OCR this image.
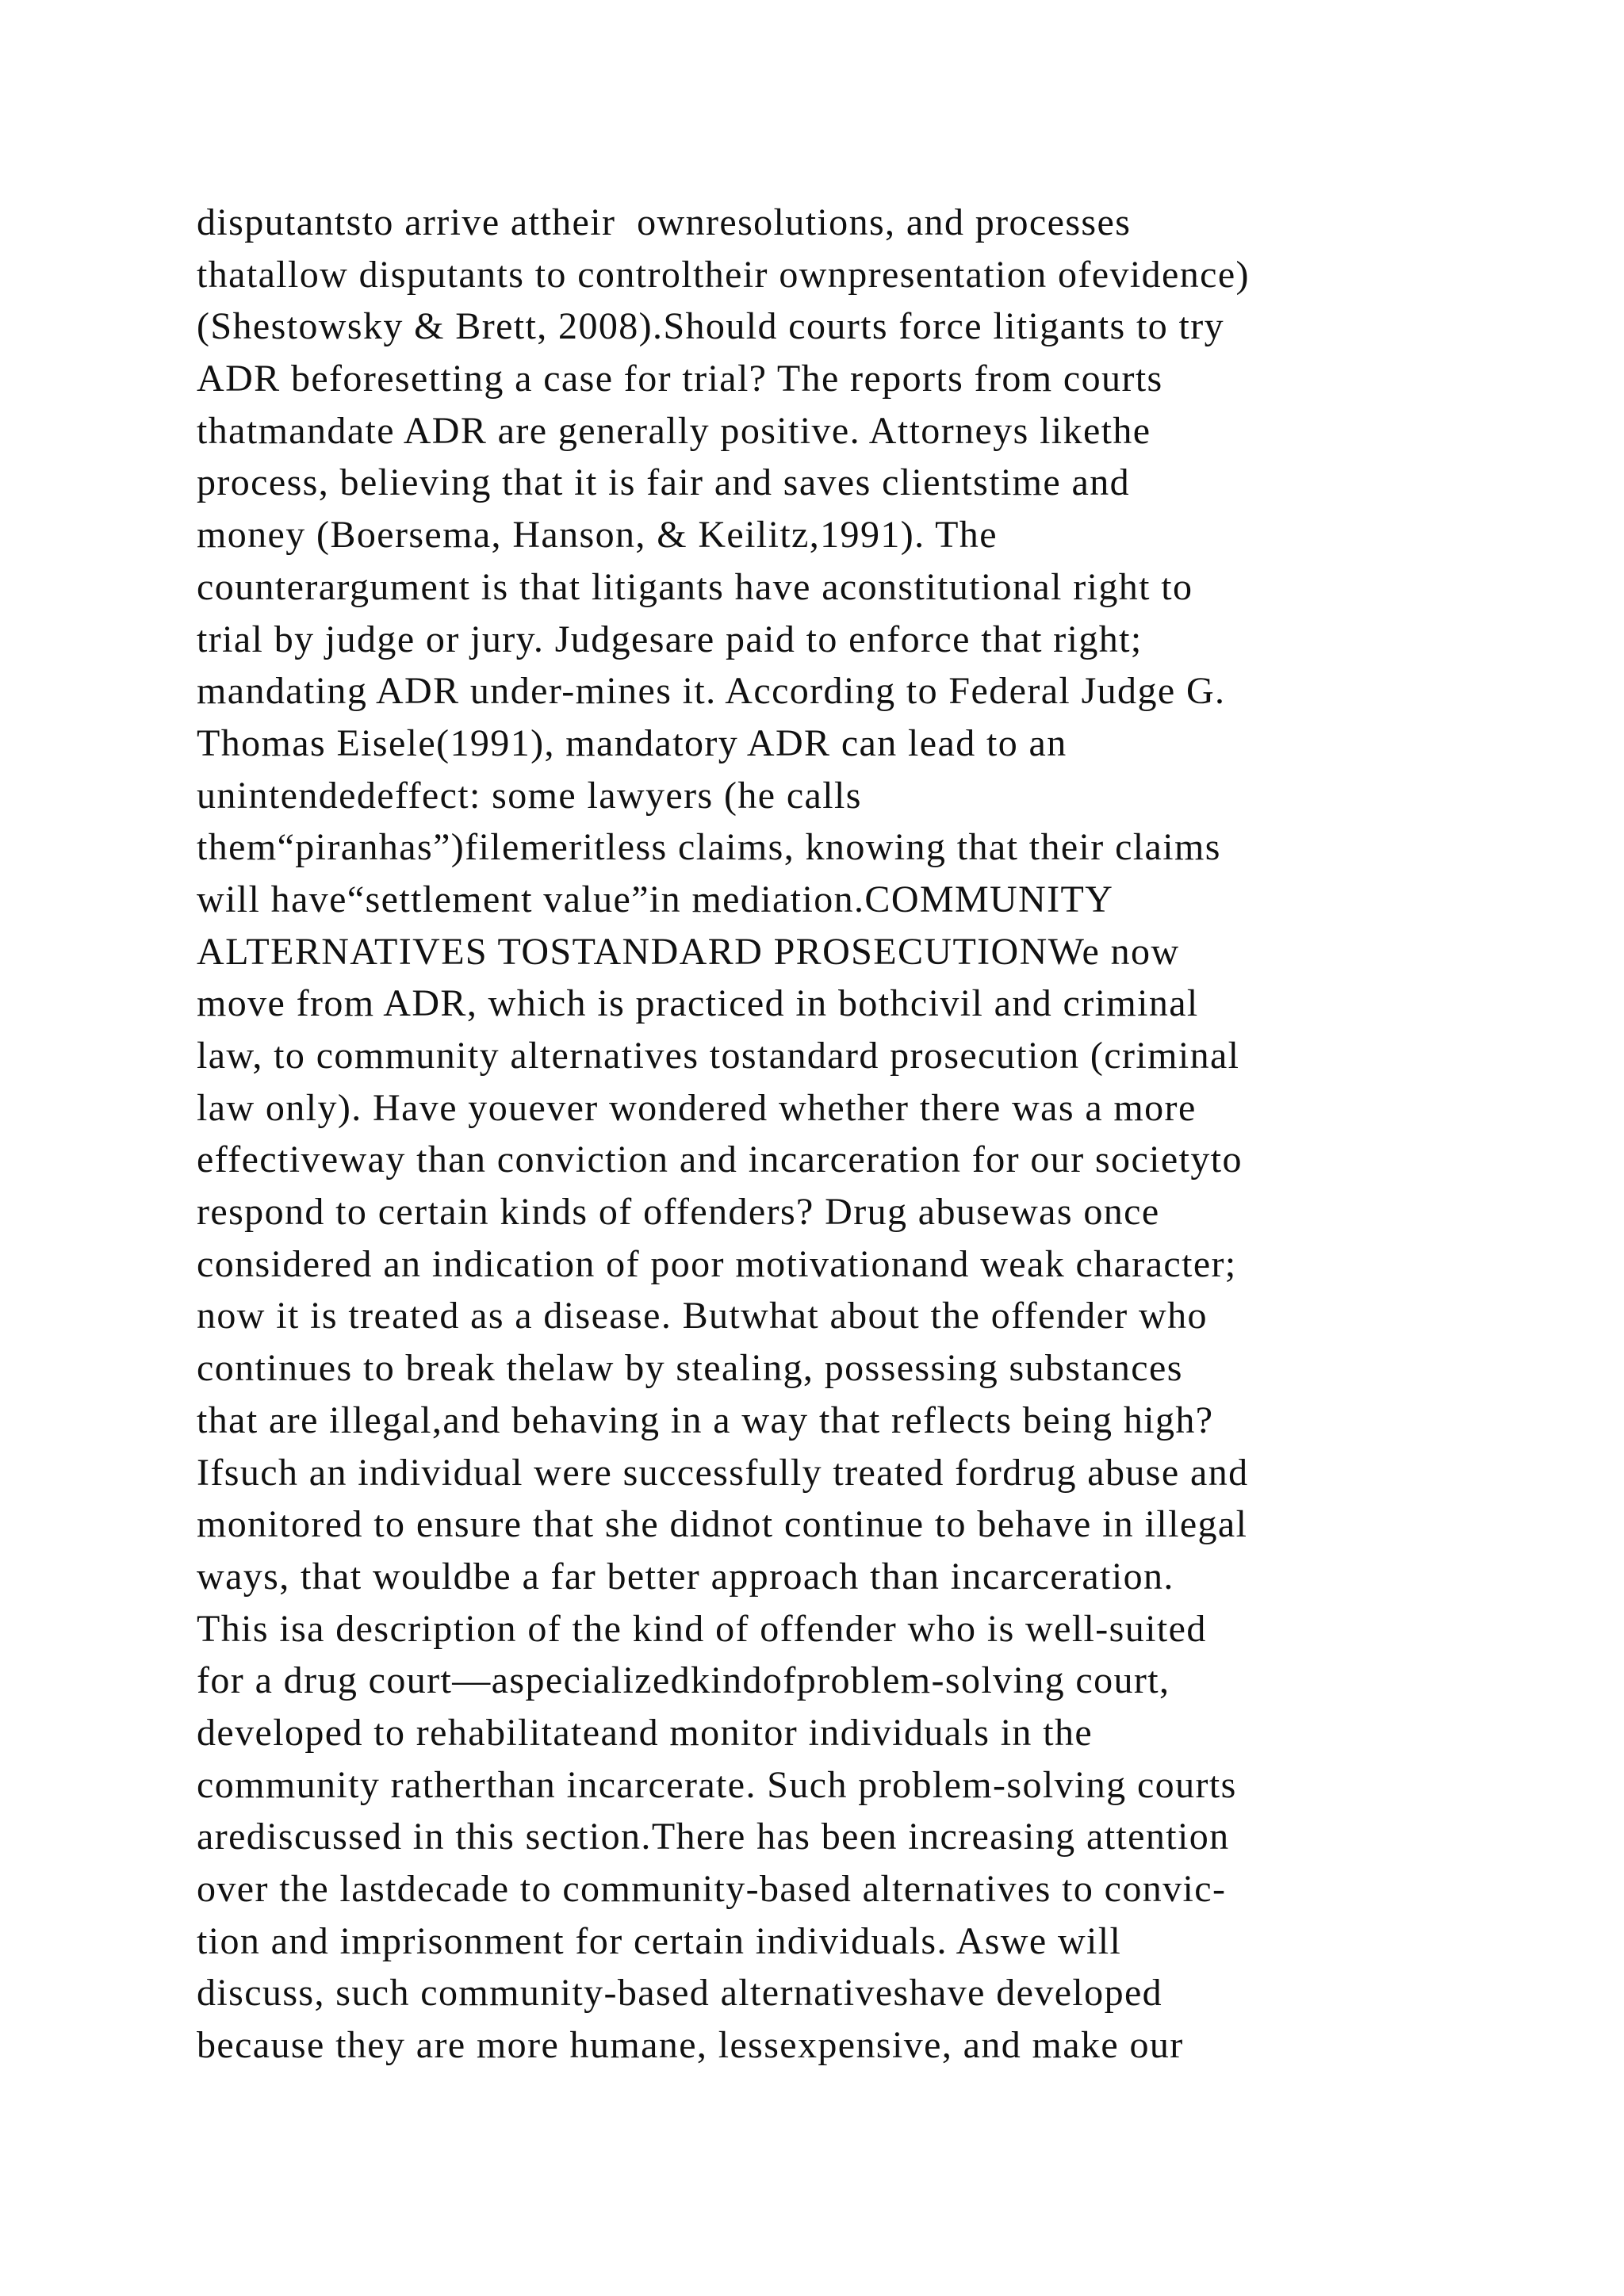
disputantsto arrive attheir  ownresolutions, and processes
thatallow disputants to controltheir ownpresentation ofevidence)
(Shestowsky & Brett, 2008).Should courts force litigants to try
ADR beforesetting a case for trial? The reports from courts
thatmandate ADR are generally positive. Attorneys likethe
process, believing that it is fair and saves clientstime and
money (Boersema, Hanson, & Keilitz,1991). The
counterargument is that litigants have aconstitutional right to
trial by judge or jury. Judgesare paid to enforce that right;
mandating ADR under-mines it. According to Federal Judge G.
Thomas Eisele(1991), mandatory ADR can lead to an
unintendedeffect: some lawyers (he calls
them“piranhas”)filemeritless claims, knowing that their claims
will have“settlement value”in mediation.COMMUNITY
ALTERNATIVES TOSTANDARD PROSECUTIONWe now
move from ADR, which is practiced in bothcivil and criminal
law, to community alternatives tostandard prosecution (criminal
law only). Have youever wondered whether there was a more
effectiveway than conviction and incarceration for our societyto
respond to certain kinds of offenders? Drug abusewas once
considered an indication of poor motivationand weak character;
now it is treated as a disease. Butwhat about the offender who
continues to break thelaw by stealing, possessing substances
that are illegal,and behaving in a way that reflects being high?
Ifsuch an individual were successfully treated fordrug abuse and
monitored to ensure that she didnot continue to behave in illegal
ways, that wouldbe a far better approach than incarceration.
This isa description of the kind of offender who is well-suited
for a drug court—aspecializedkindofproblem-solving court,
developed to rehabilitateand monitor individuals in the
community ratherthan incarcerate. Such problem-solving courts
arediscussed in this section.There has been increasing attention
over the lastdecade to community-based alternatives to convic-
tion and imprisonment for certain individuals. Aswe will
discuss, such community-based alternativeshave developed
because they are more humane, lessexpensive, and make our
